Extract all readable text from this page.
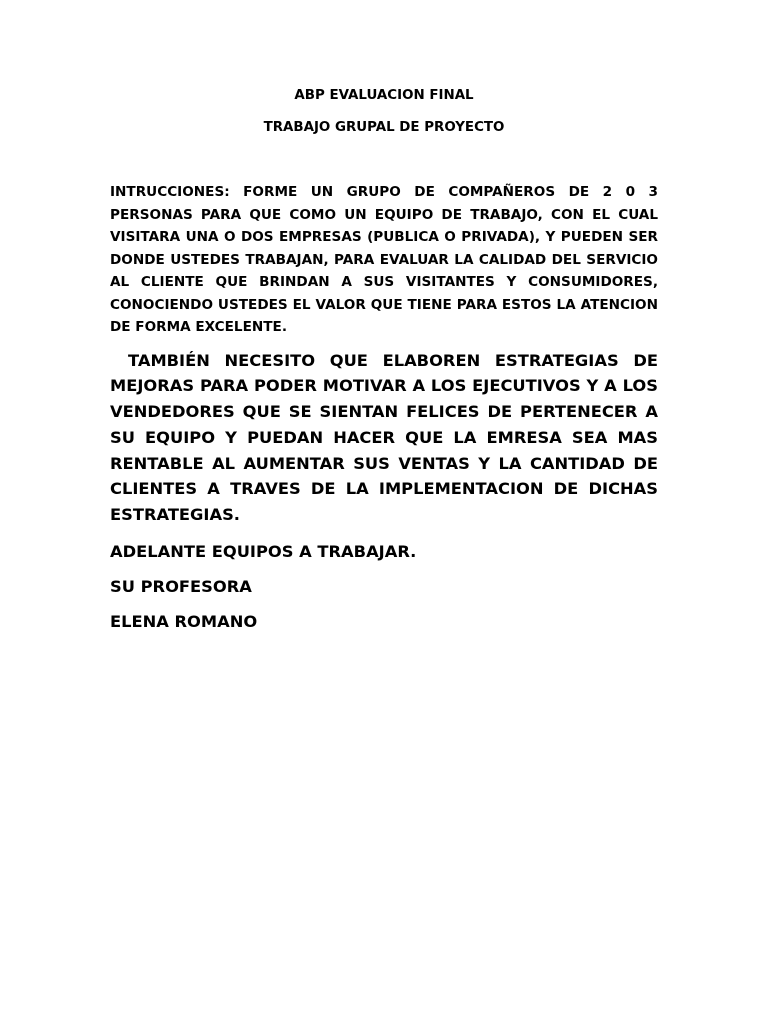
ABP EVALUACION FINAL

TRABAJO GRUPAL DE PROYECTO

INTRUCCIONES: FORME UN GRUPO DE COMPAÑEROS DE 2 0 3 PERSONAS PARA QUE COMO UN EQUIPO DE TRABAJO, CON EL CUAL VISITARA UNA O DOS EMPRESAS (PUBLICA O PRIVADA), Y PUEDEN SER DONDE USTEDES TRABAJAN, PARA EVALUAR LA CALIDAD DEL SERVICIO AL CLIENTE QUE BRINDAN A SUS VISITANTES Y CONSUMIDORES, CONOCIENDO USTEDES EL VALOR QUE TIENE PARA ESTOS LA ATENCION DE FORMA EXCELENTE.

TAMBIÉN NECESITO QUE ELABOREN ESTRATEGIAS DE MEJORAS PARA PODER MOTIVAR A LOS EJECUTIVOS Y A LOS VENDEDORES QUE SE SIENTAN FELICES DE PERTENECER A SU EQUIPO Y PUEDAN HACER QUE LA EMRESA SEA MAS RENTABLE AL AUMENTAR SUS VENTAS Y LA CANTIDAD DE CLIENTES A TRAVES DE LA IMPLEMENTACION DE DICHAS ESTRATEGIAS.

ADELANTE EQUIPOS A TRABAJAR.

SU PROFESORA

ELENA ROMANO
